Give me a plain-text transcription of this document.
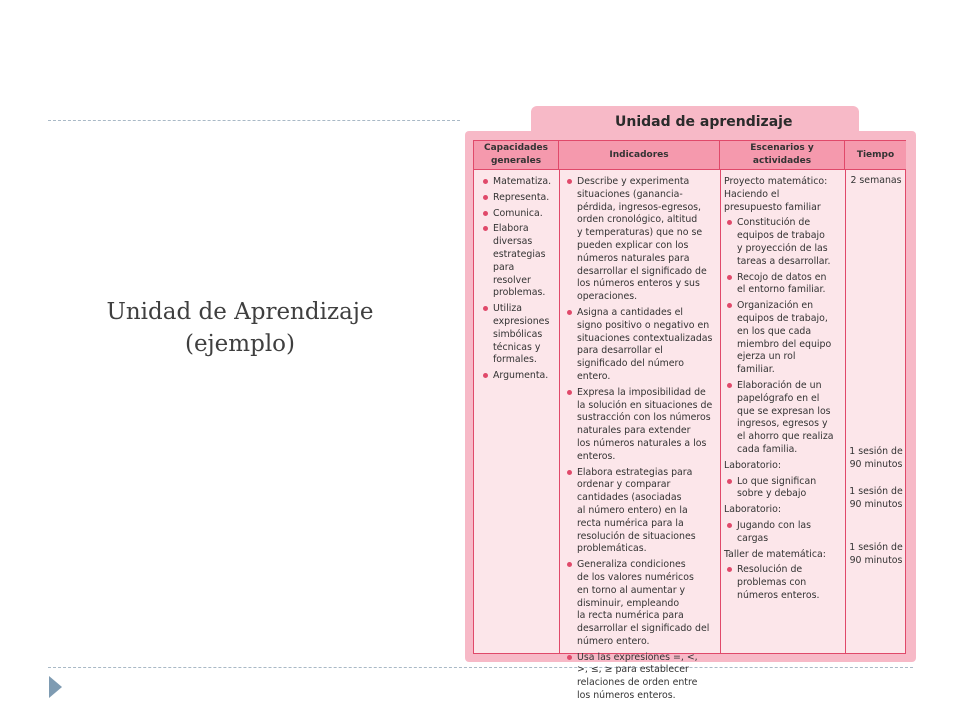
Unidad de Aprendizaje
(ejemplo)
Unidad de aprendizaje
Capacidades
generales
Indicadores
Escenarios y
actividades
Tiempo
Matematiza.
Representa.
Comunica.
Elabora
diversas
estrategias
para
resolver
problemas.
Utiliza
expresiones
simbólicas
técnicas y
formales.
Argumenta.
Describe y experimenta
situaciones (ganancia-
pérdida, ingresos-egresos,
orden cronológico, altitud
y temperaturas) que no se
pueden explicar con los
números naturales para
desarrollar el significado de
los números enteros y sus
operaciones.
Asigna a cantidades el
signo positivo o negativo en
situaciones contextualizadas
para desarrollar el
significado del número
entero.
Expresa la imposibilidad de
la solución en situaciones de
sustracción con los números
naturales para extender
los números naturales a los
enteros.
Elabora estrategias para
ordenar y comparar
cantidades (asociadas
al número entero) en la
recta numérica para la
resolución de situaciones
problemáticas.
Generaliza condiciones
de los valores numéricos
en torno al aumentar y
disminuir, empleando
la recta numérica para
desarrollar el significado del
número entero.
Usa las expresiones =, <,
>, ≤, ≥ para establecer
relaciones de orden entre
los números enteros.
Proyecto matemático:
Haciendo el
presupuesto familiar
Constitución de
equipos de trabajo
y proyección de las
tareas a desarrollar.
Recojo de datos en
el entorno familiar.
Organización en
equipos de trabajo,
en los que cada
miembro del equipo
ejerza un rol
familiar.
Elaboración de un
papelógrafo en el
que se expresan los
ingresos, egresos y
el ahorro que realiza
cada familia.
Laboratorio:
Lo que significan
sobre y debajo
Laboratorio:
Jugando con las
cargas
Taller de matemática:
Resolución de
problemas con
números enteros.
2 semanas
1 sesión de
90 minutos
1 sesión de
90 minutos
1 sesión de
90 minutos
